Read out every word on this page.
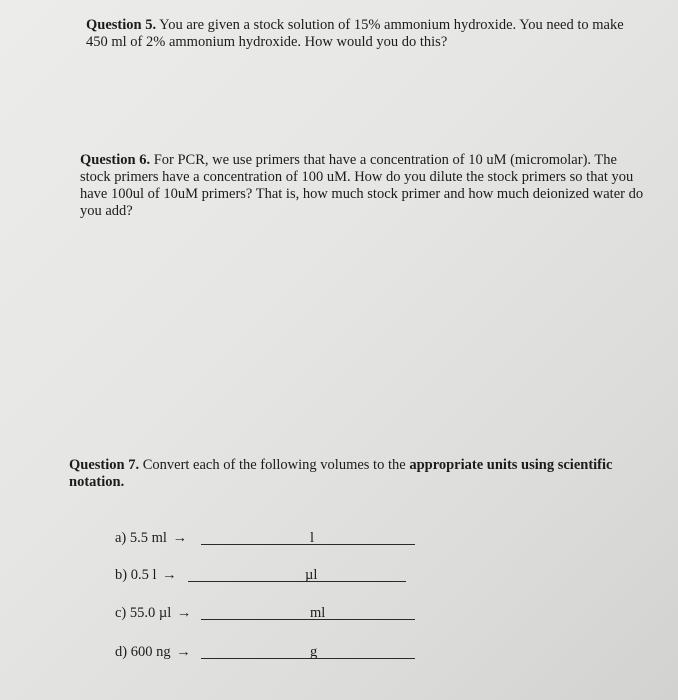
Question 5. You are given a stock solution of 15% ammonium hydroxide. You need to make 450 ml of 2% ammonium hydroxide. How would you do this?
Question 6. For PCR, we use primers that have a concentration of 10 uM (micromolar). The stock primers have a concentration of 100 uM. How do you dilute the stock primers so that you have 100ul of 10uM primers? That is, how much stock primer and how much deionized water do you add?
Question 7. Convert each of the following volumes to the appropriate units using scientific notation.
a) 5.5 ml →	l
b) 0.5 l →	µl
c) 55.0 µl →	ml
d) 600 ng →	g
